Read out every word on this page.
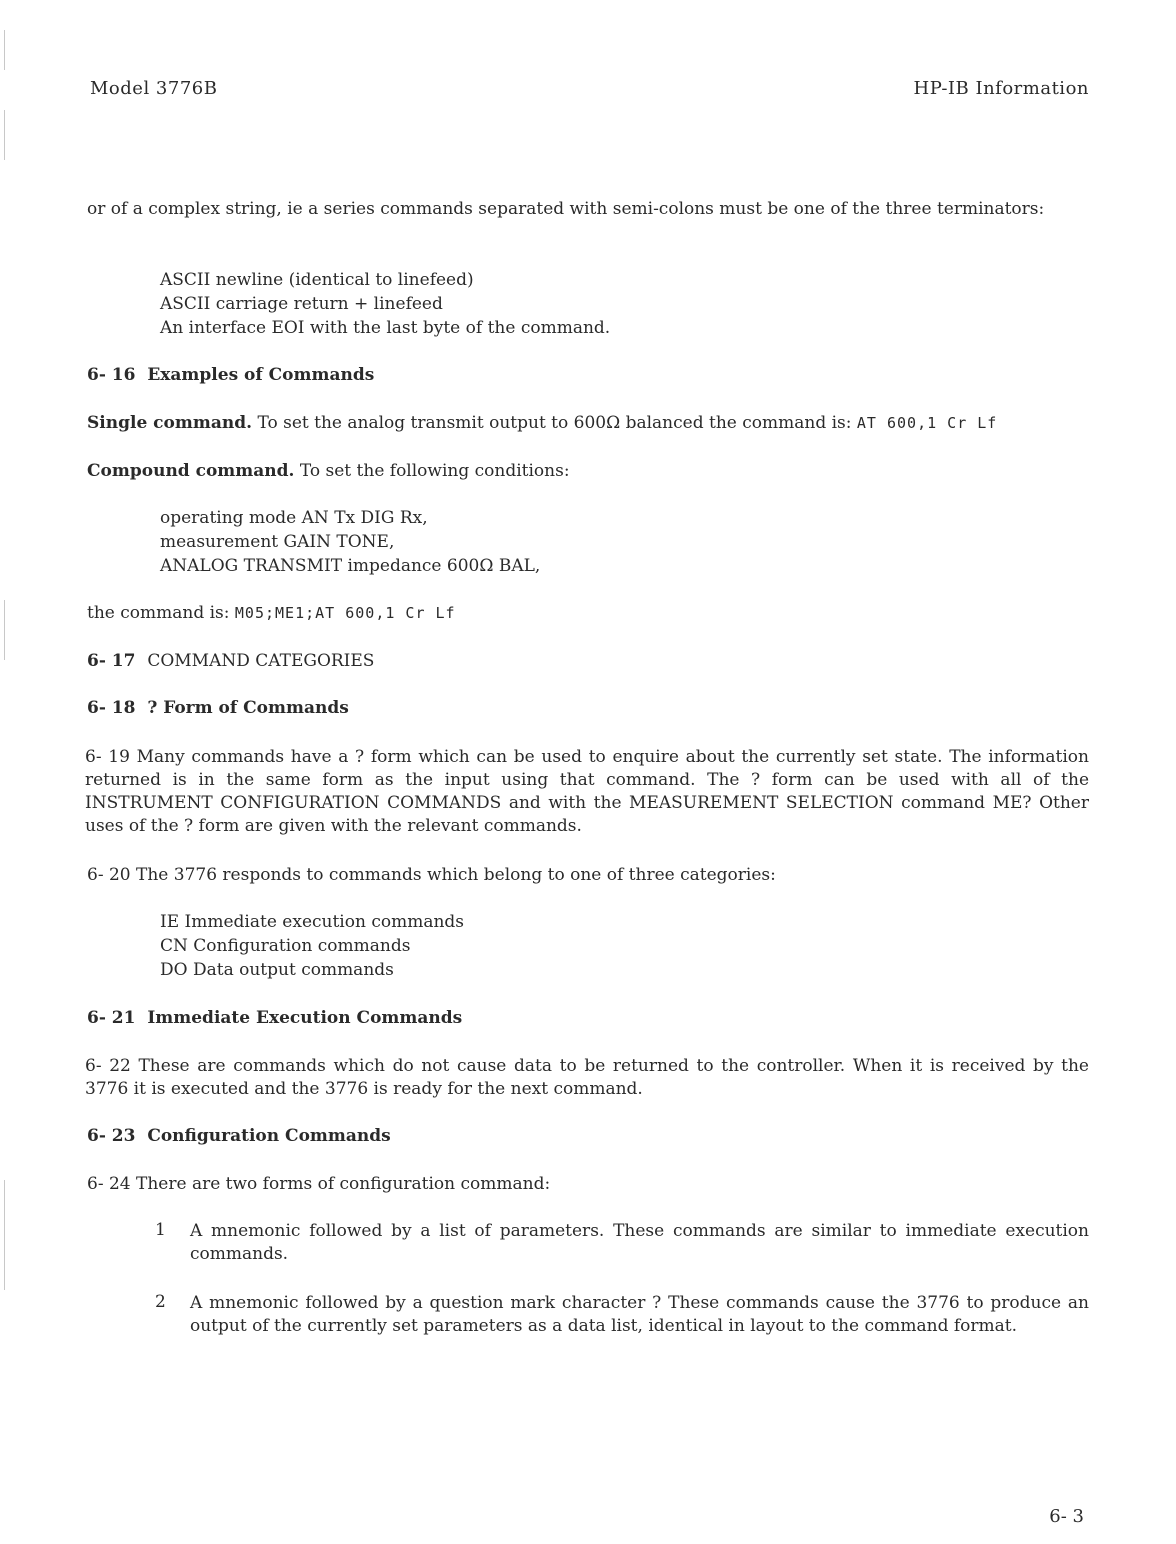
Model 3776B	HP-IB Information
or of a complex string, ie a series commands separated with semi-colons must be one of the three terminators:
ASCII newline (identical to linefeed)
ASCII carriage return + linefeed
An interface EOI with the last byte of the command.
6- 16 Examples of Commands
Single command. To set the analog transmit output to 600Ω balanced the command is: AT 600,1 Cr Lf
Compound command. To set the following conditions:
operating mode AN Tx DIG Rx,
measurement GAIN TONE,
ANALOG TRANSMIT impedance 600Ω BAL,
the command is: M05;ME1;AT 600,1 Cr Lf
6- 17 COMMAND CATEGORIES
6- 18 ? Form of Commands
6- 19 Many commands have a ? form which can be used to enquire about the currently set state. The information returned is in the same form as the input using that command. The ? form can be used with all of the INSTRUMENT CONFIGURATION COMMANDS and with the MEASUREMENT SELECTION command ME? Other uses of the ? form are given with the relevant commands.
6- 20 The 3776 responds to commands which belong to one of three categories:
IE Immediate execution commands
CN Configuration commands
DO Data output commands
6- 21 Immediate Execution Commands
6- 22 These are commands which do not cause data to be returned to the controller. When it is received by the 3776 it is executed and the 3776 is ready for the next command.
6- 23 Configuration Commands
6- 24 There are two forms of configuration command:
1 A mnemonic followed by a list of parameters. These commands are similar to immediate execution commands.
2 A mnemonic followed by a question mark character ? These commands cause the 3776 to produce an output of the currently set parameters as a data list, identical in layout to the command format.
6- 3
